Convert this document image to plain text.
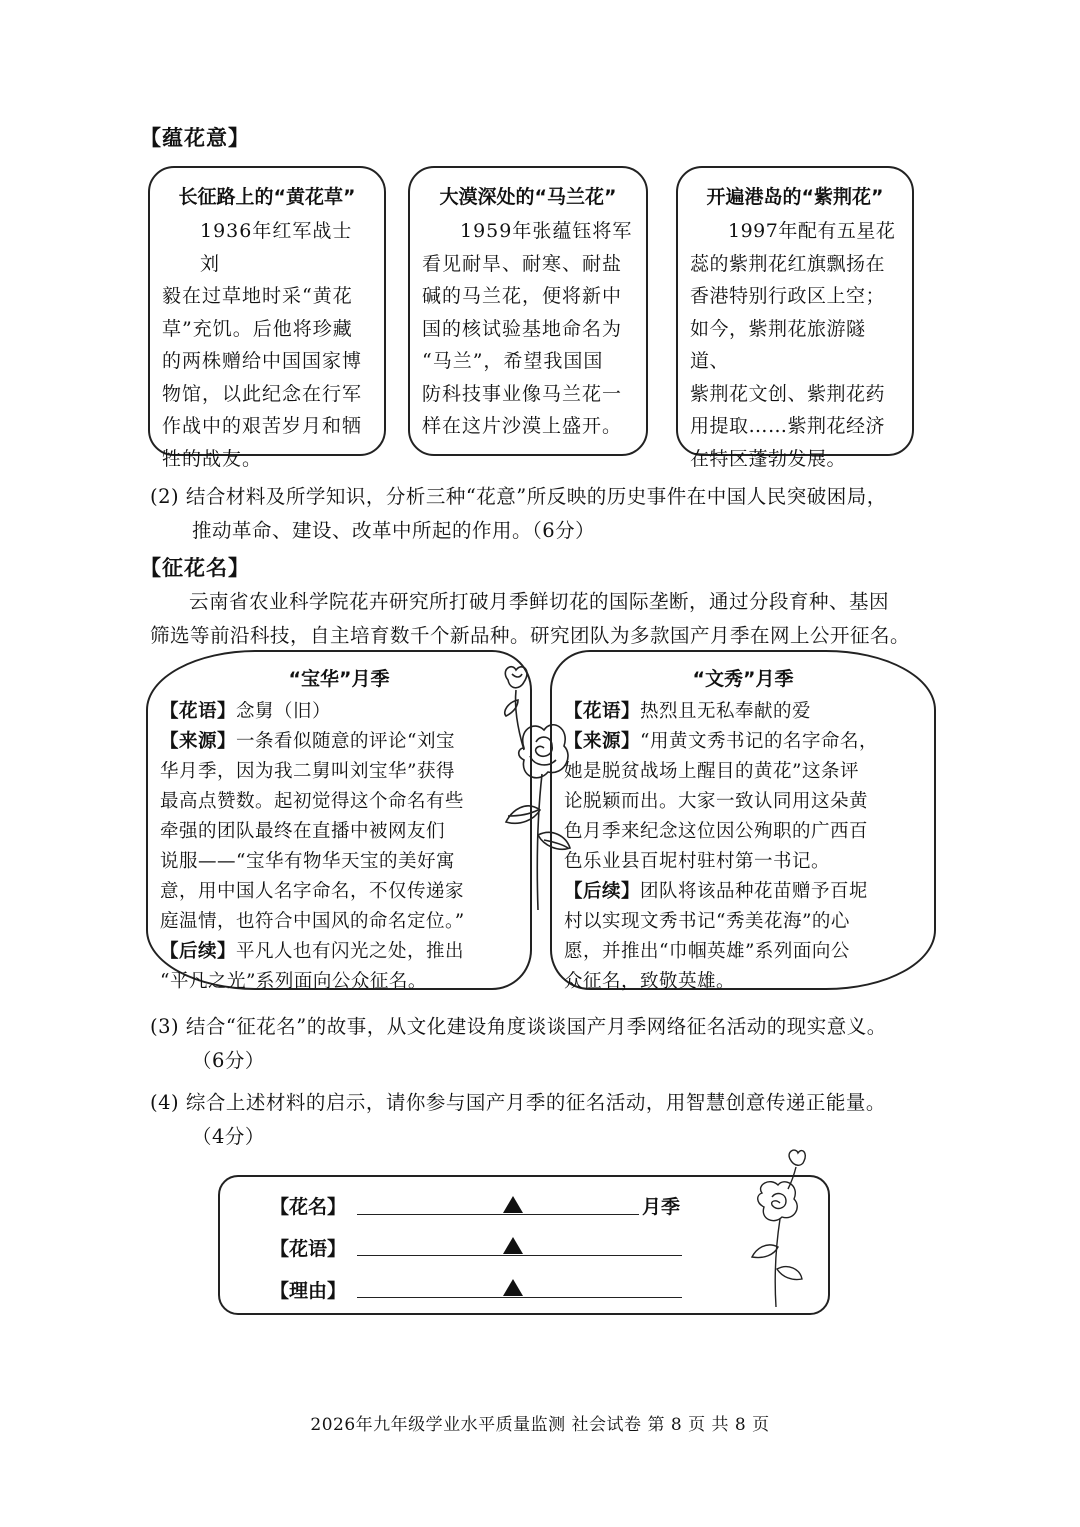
【蕴花意】
长征路上的“黄花草”
1936年红军战士刘
毅在过草地时采“黄花
草”充饥。后他将珍藏
的两株赠给中国国家博
物馆，以此纪念在行军
作战中的艰苦岁月和牺
牲的战友。
大漠深处的“马兰花”
1959年张蕴钰将军
看见耐旱、耐寒、耐盐
碱的马兰花，便将新中
国的核试验基地命名为
“马兰”，希望我国国
防科技事业像马兰花一
样在这片沙漠上盛开。
开遍港岛的“紫荆花”
1997年配有五星花
蕊的紫荆花红旗飘扬在
香港特别行政区上空；
如今，紫荆花旅游隧道、
紫荆花文创、紫荆花药
用提取……紫荆花经济
在特区蓬勃发展。
(2) 结合材料及所学知识，分析三种“花意”所反映的历史事件在中国人民突破困局，
推动革命、建设、改革中所起的作用。（6分）
【征花名】
云南省农业科学院花卉研究所打破月季鲜切花的国际垄断，通过分段育种、基因
筛选等前沿科技，自主培育数千个新品种。研究团队为多款国产月季在网上公开征名。
“宝华”月季
【花语】念舅（旧）
【来源】一条看似随意的评论“刘宝
华月季，因为我二舅叫刘宝华”获得
最高点赞数。起初觉得这个命名有些
牵强的团队最终在直播中被网友们
说服——“宝华有物华天宝的美好寓
意，用中国人名字命名，不仅传递家
庭温情，也符合中国风的命名定位。”
【后续】平凡人也有闪光之处，推出
“平凡之光”系列面向公众征名。
“文秀”月季
【花语】热烈且无私奉献的爱
【来源】“用黄文秀书记的名字命名，
她是脱贫战场上醒目的黄花”这条评
论脱颖而出。大家一致认同用这朵黄
色月季来纪念这位因公殉职的广西百
色乐业县百坭村驻村第一书记。
【后续】团队将该品种花苗赠予百坭
村以实现文秀书记“秀美花海”的心
愿，并推出“巾帼英雄”系列面向公
众征名，致敬英雄。
(3) 结合“征花名”的故事，从文化建设角度谈谈国产月季网络征名活动的现实意义。
（6分）
(4) 综合上述材料的启示，请你参与国产月季的征名活动，用智慧创意传递正能量。
（4分）
【花名】	月季
【花语】
【理由】
2026年九年级学业水平质量监测 社会试卷 第 8 页 共 8 页
